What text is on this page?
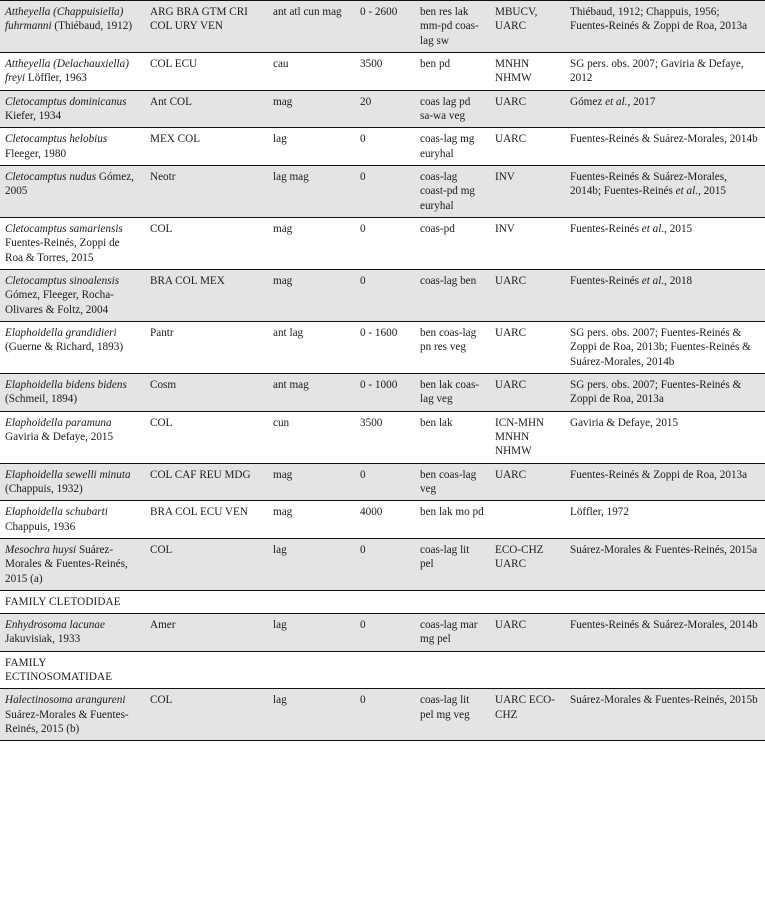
Attheyella (Chappuisiella) fuhrmanni (Thiébaud, 1912)	ARG BRA GTM CRI COL URY VEN	ant atl cun mag	0 - 2600	ben res lak mm-pd coas-lag sw	MBUCV, UARC	Thiébaud, 1912; Chappuis, 1956; Fuentes-Reinés & Zoppi de Roa, 2013a
Attheyella (Delachauxiella) freyi Löffler, 1963	COL ECU	cau	3500	ben pd	MNHN NHMW	SG pers. obs. 2007; Gaviria & Defaye, 2012
Cletocamptus dominicanus Kiefer, 1934	Ant COL	mag	20	coas lag pd sa-wa veg	UARC	Gómez et al., 2017
Cletocamptus helobius Fleeger, 1980	MEX COL	lag	0	coas-lag mg euryhal	UARC	Fuentes-Reinés & Suárez-Morales, 2014b
Cletocamptus nudus Gómez, 2005	Neotr	lag mag	0	coas-lag coast-pd mg euryhal	INV	Fuentes-Reinés & Suárez-Morales, 2014b; Fuentes-Reinés et al., 2015
Cletocamptus samariensis Fuentes-Reinés, Zoppi de Roa & Torres, 2015	COL	mag	0	coas-pd	INV	Fuentes-Reinés et al., 2015
Cletocamptus sinoalensis Gómez, Fleeger, Rocha-Olivares & Foltz, 2004	BRA COL MEX	mag	0	coas-lag ben	UARC	Fuentes-Reinés et al., 2018
Elaphoidella grandidieri (Guerne & Richard, 1893)	Pantr	ant lag	0 - 1600	ben coas-lag pn res veg	UARC	SG pers. obs. 2007; Fuentes-Reinés & Zoppi de Roa, 2013b; Fuentes-Reinés & Suárez-Morales, 2014b
Elaphoidella bidens bidens (Schmeil, 1894)	Cosm	ant mag	0 - 1000	ben lak coas-lag veg	UARC	SG pers. obs. 2007; Fuentes-Reinés & Zoppi de Roa, 2013a
Elaphoidella paramuna Gaviria & Defaye, 2015	COL	cun	3500	ben lak	ICN-MHN MNHN NHMW	Gaviria & Defaye, 2015
Elaphoidella sewelli minuta (Chappuis, 1932)	COL CAF REU MDG	mag	0	ben coas-lag veg	UARC	Fuentes-Reinés & Zoppi de Roa, 2013a
Elaphoidella schubarti Chappuis, 1936	BRA COL ECU VEN	mag	4000	ben lak mo pd		Löffler, 1972
Mesochra huysi Suárez-Morales & Fuentes-Reinés, 2015 (a)	COL	lag	0	coas-lag lit pel	ECO-CHZ UARC	Suárez-Morales & Fuentes-Reinés, 2015a
FAMILY CLETODIDAE						
Enhydrosoma lacunae Jakuvisiak, 1933	Amer	lag	0	coas-lag mar mg pel	UARC	Fuentes-Reinés & Suárez-Morales, 2014b
FAMILY ECTINOSOMATIDAE						
Halectinosoma arangureni Suárez-Morales & Fuentes-Reinés, 2015 (b)	COL	lag	0	coas-lag lit pel mg veg	UARC ECO-CHZ	Suárez-Morales & Fuentes-Reinés, 2015b
